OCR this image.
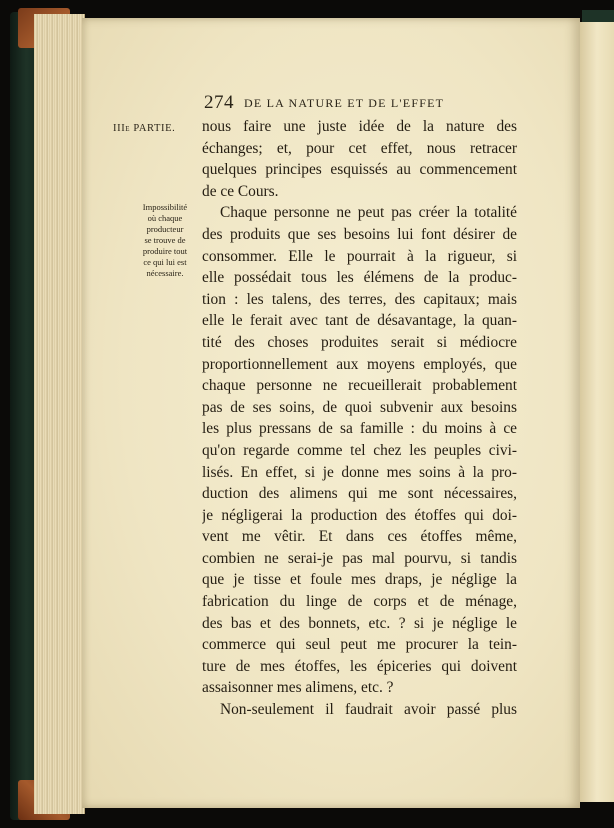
274 DE LA NATURE ET DE L'EFFET
IIIe PARTIE.
Impossibilité
où chaque
producteur
se trouve de
produire tout
ce qui lui est
nécessaire.
nous faire une juste idée de la nature des
échanges; et, pour cet effet, nous retracer
quelques principes esquissés au commencement
de ce Cours.
Chaque personne ne peut pas créer la totalité
des produits que ses besoins lui font désirer de
consommer. Elle le pourrait à la rigueur, si
elle possédait tous les élémens de la produc-
tion : les talens, des terres, des capitaux; mais
elle le ferait avec tant de désavantage, la quan-
tité des choses produites serait si médiocre
proportionnellement aux moyens employés, que
chaque personne ne recueillerait probablement
pas de ses soins, de quoi subvenir aux besoins
les plus pressans de sa famille : du moins à ce
qu'on regarde comme tel chez les peuples civi-
lisés. En effet, si je donne mes soins à la pro-
duction des alimens qui me sont nécessaires,
je négligerai la production des étoffes qui doi-
vent me vêtir. Et dans ces étoffes même,
combien ne serai-je pas mal pourvu, si tandis
que je tisse et foule mes draps, je néglige la
fabrication du linge de corps et de ménage,
des bas et des bonnets, etc. ? si je néglige le
commerce qui seul peut me procurer la tein-
ture de mes étoffes, les épiceries qui doivent
assaisonner mes alimens, etc. ?
Non-seulement il faudrait avoir passé plus
